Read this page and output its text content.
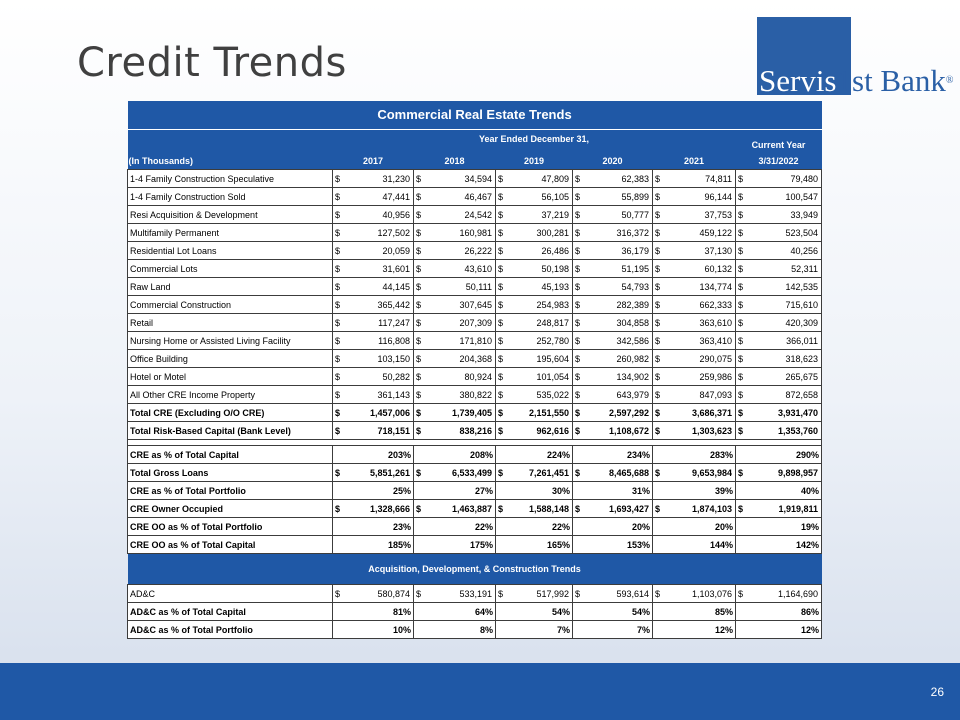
Credit Trends	Servis1st Bank®
Commercial Real Estate Trends						
	Year Ended December 31,					Current Year
(In Thousands)	2017	2018	2019	2020	2021	3/31/2022
1-4 Family Construction Speculative	$ 31,230	$ 34,594	$ 47,809	$ 62,383	$ 74,811	$ 79,480

1-4 Family Construction Sold	$ 47,441	$ 46,467	$ 56,105	$ 55,899	$ 96,144	$ 100,547

Resi Acquisition & Development	$ 40,956	$ 24,542	$ 37,219	$ 50,777	$ 37,753	$ 33,949

Multifamily Permanent	$ 127,502	$ 160,981	$ 300,281	$ 316,372	$ 459,122	$ 523,504

Residential Lot Loans	$ 20,059	$ 26,222	$ 26,486	$ 36,179	$ 37,130	$ 40,256

Commercial Lots	$ 31,601	$ 43,610	$ 50,198	$ 51,195	$ 60,132	$ 52,311

Raw Land	$ 44,145	$ 50,111	$ 45,193	$ 54,793	$ 134,774	$ 142,535

Commercial Construction	$ 365,442	$ 307,645	$ 254,983	$ 282,389	$ 662,333	$ 715,610

Retail	$ 117,247	$ 207,309	$ 248,817	$ 304,858	$ 363,610	$ 420,309

Nursing Home or Assisted Living Facility	$ 116,808	$ 171,810	$ 252,780	$ 342,586	$ 363,410	$ 366,011

Office Building	$ 103,150	$ 204,368	$ 195,604	$ 260,982	$ 290,075	$ 318,623

Hotel or Motel	$ 50,282	$ 80,924	$ 101,054	$ 134,902	$ 259,986	$ 265,675

All Other CRE Income Property	$ 361,143	$ 380,822	$ 535,022	$ 643,979	$ 847,093	$ 872,658

Total CRE (Excluding O/O CRE)	$ 1,457,006	$ 1,739,405	$ 2,151,550	$ 2,597,292	$ 3,686,371	$ 3,931,470

Total Risk-Based Capital (Bank Level)	$ 718,151	$ 838,216	$ 962,616	$ 1,108,672	$ 1,303,623	$ 1,353,760

CRE as % of Total Capital	203%	208%	224%	234%	283%	290%
Total Gross Loans	$ 5,851,261	$ 6,533,499	$ 7,261,451	$ 8,465,688	$ 9,653,984	$ 9,898,957

CRE as % of Total Portfolio	25%	27%	30%	31%	39%	40%
CRE Owner Occupied	$ 1,328,666	$ 1,463,887	$ 1,588,148	$ 1,693,427	$ 1,874,103	$ 1,919,811

CRE OO as % of Total Portfolio	23%	22%	22%	20%	20%	19%
CRE OO as % of Total Capital	185%	175%	165%	153%	144%	142%
Acquisition, Development, & Construction Trends						
AD&C	$ 580,874	$ 533,191	$ 517,992	$ 593,614	$ 1,103,076	$ 1,164,690

AD&C as % of Total Capital	81%	64%	54%	54%	85%	86%
AD&C as % of Total Portfolio	10%	8%	7%	7%	12%	12%
26
